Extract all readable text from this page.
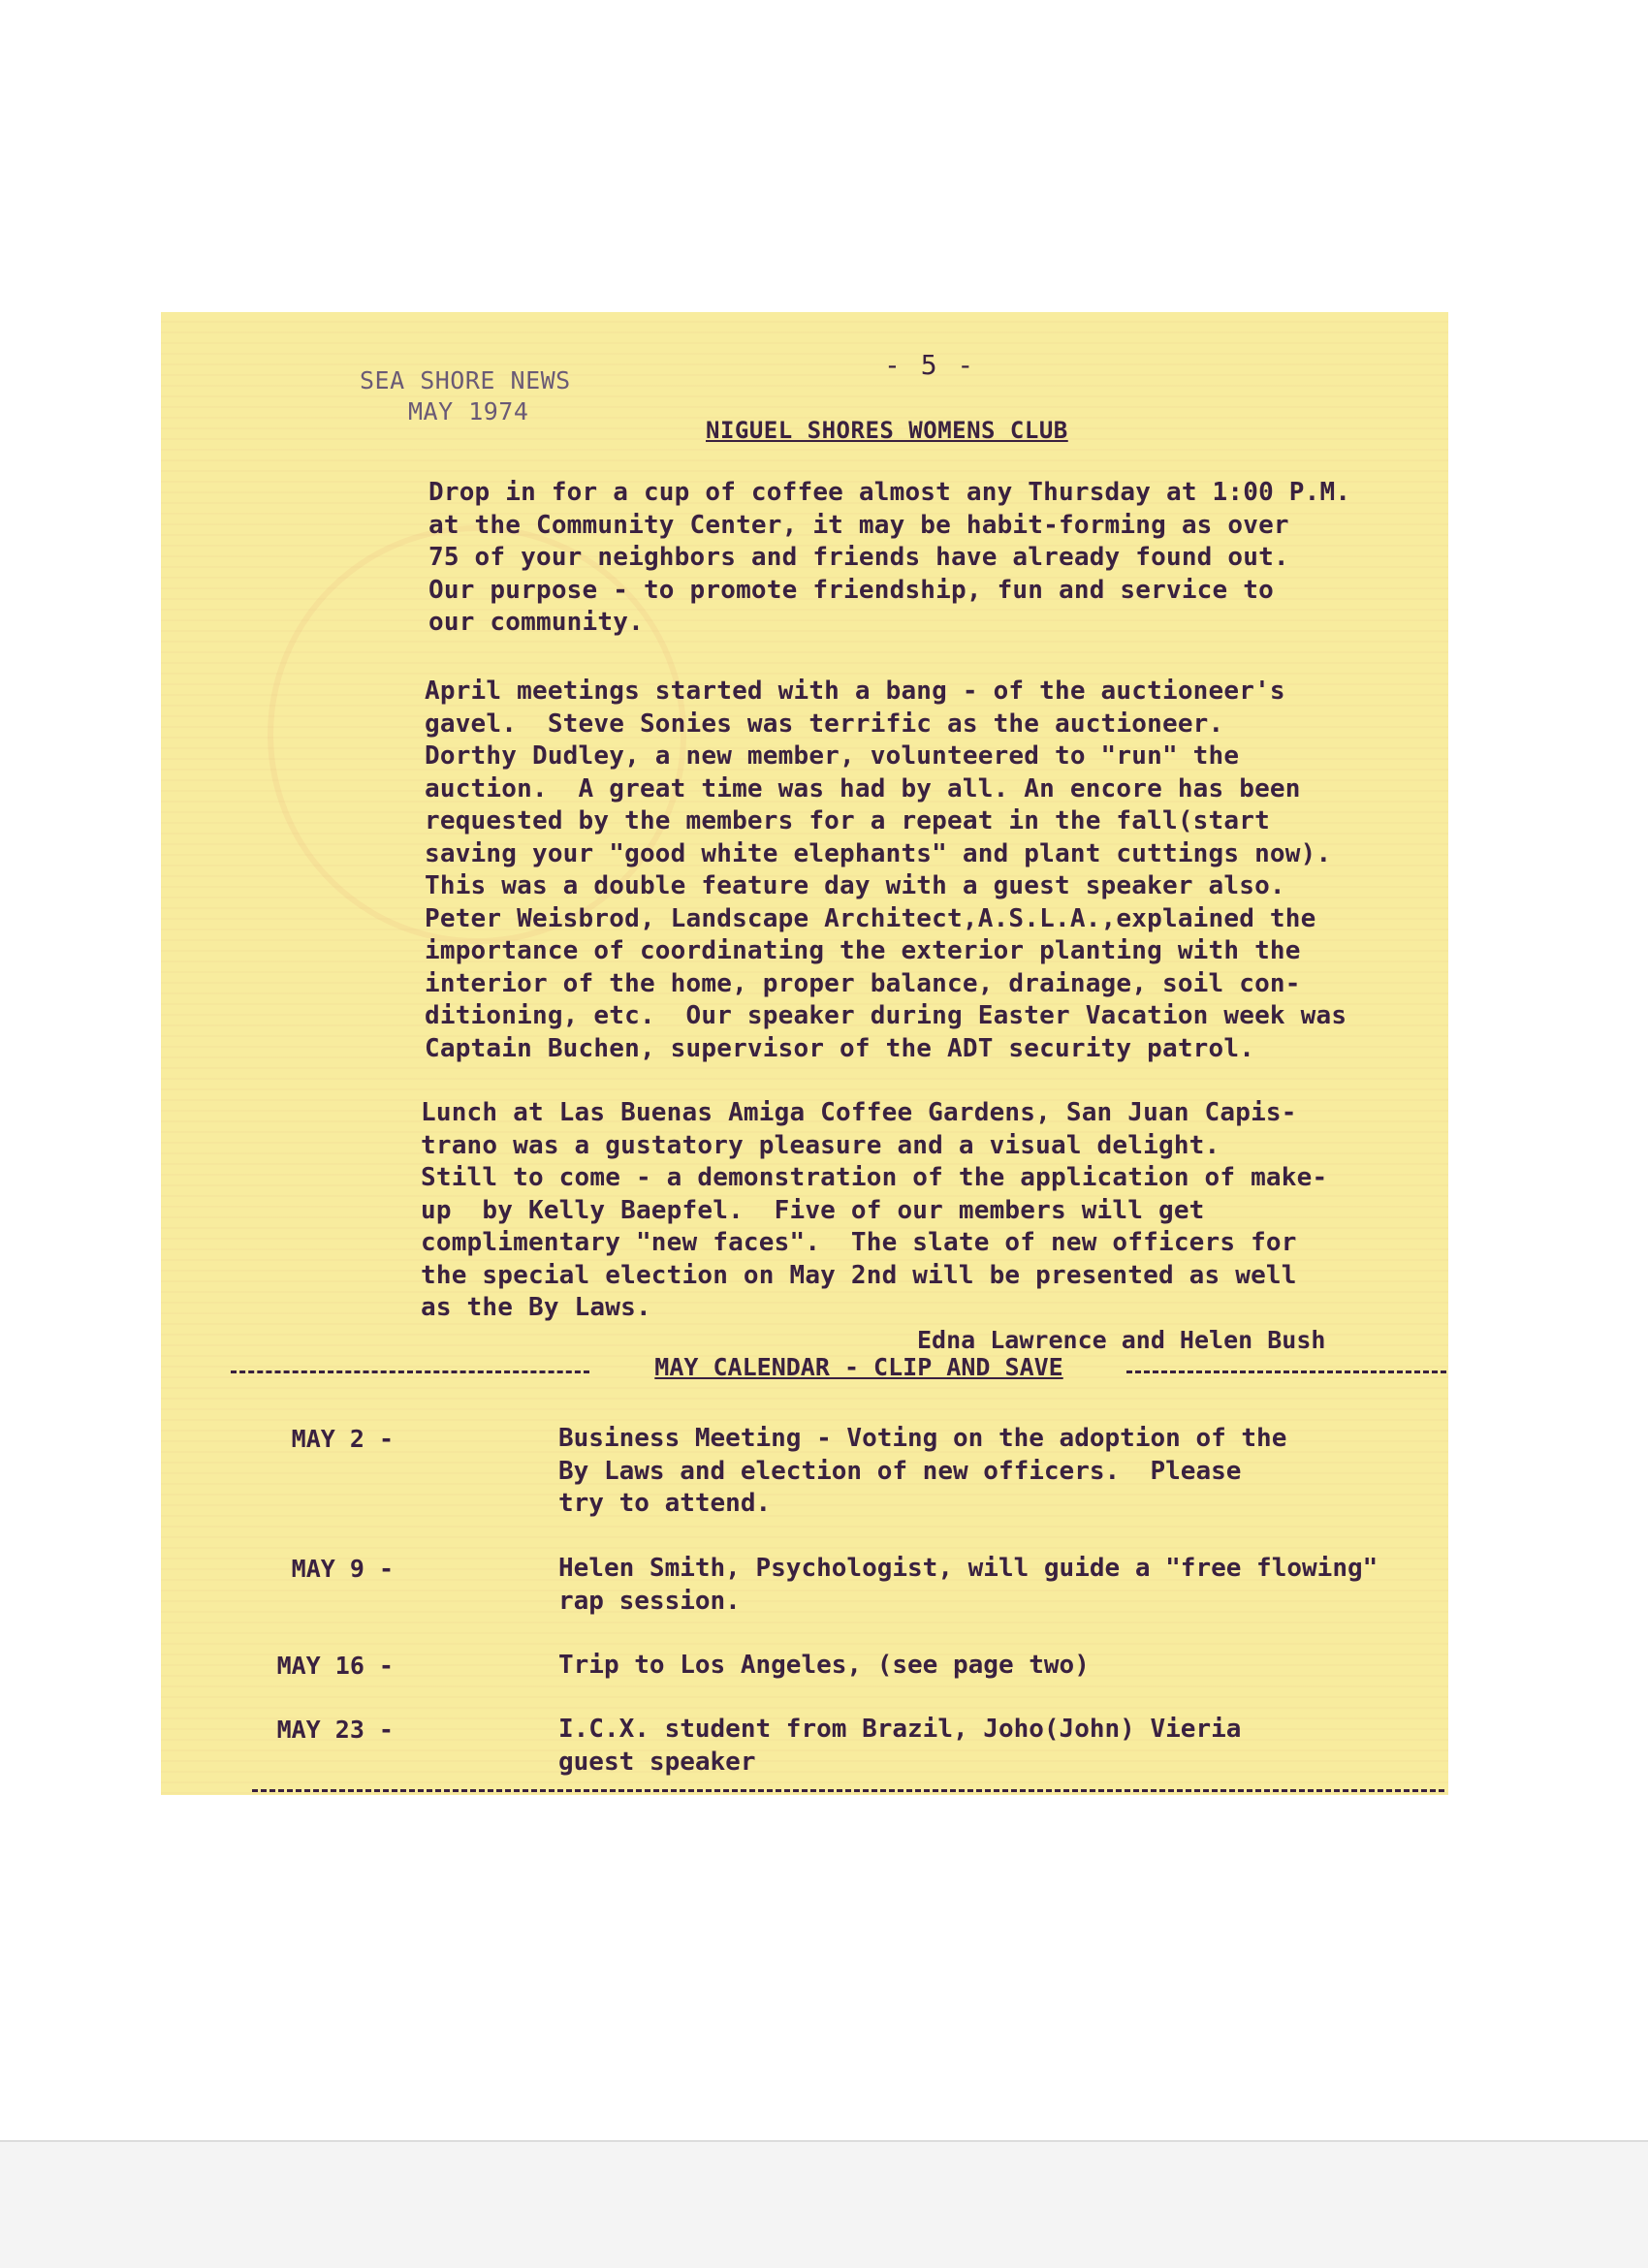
SEA SHORE NEWS
MAY 1974
- 5 -
NIGUEL SHORES WOMENS CLUB

Drop in for a cup of coffee almost any Thursday at 1:00 P.M.
at the Community Center, it may be habit-forming as over
75 of your neighbors and friends have already found out.
Our purpose - to promote friendship, fun and service to
our community.

April meetings started with a bang - of the auctioneer's
gavel.  Steve Sonies was terrific as the auctioneer.
Dorthy Dudley, a new member, volunteered to "run" the
auction.  A great time was had by all. An encore has been
requested by the members for a repeat in the fall(start
saving your "good white elephants" and plant cuttings now).
This was a double feature day with a guest speaker also.
Peter Weisbrod, Landscape Architect,A.S.L.A.,explained the
importance of coordinating the exterior planting with the
interior of the home, proper balance, drainage, soil con-
ditioning, etc.  Our speaker during Easter Vacation week was
Captain Buchen, supervisor of the ADT security patrol.

Lunch at Las Buenas Amiga Coffee Gardens, San Juan Capis-
trano was a gustatory pleasure and a visual delight.
Still to come - a demonstration of the application of make-
up  by Kelly Baepfel.  Five of our members will get
complimentary "new faces".  The slate of new officers for
the special election on May 2nd will be presented as well
as the By Laws.

Edna Lawrence and Helen Bush
MAY CALENDAR - CLIP AND SAVE
MAY 2 -	Business Meeting - Voting on the adoption of the
By Laws and election of new officers.  Please
try to attend.

MAY 9 -	Helen Smith, Psychologist, will guide a "free flowing"
rap session.

MAY 16 -	Trip to Los Angeles, (see page two)

MAY 23 -	I.C.X. student from Brazil, Joho(John) Vieria
guest speaker
